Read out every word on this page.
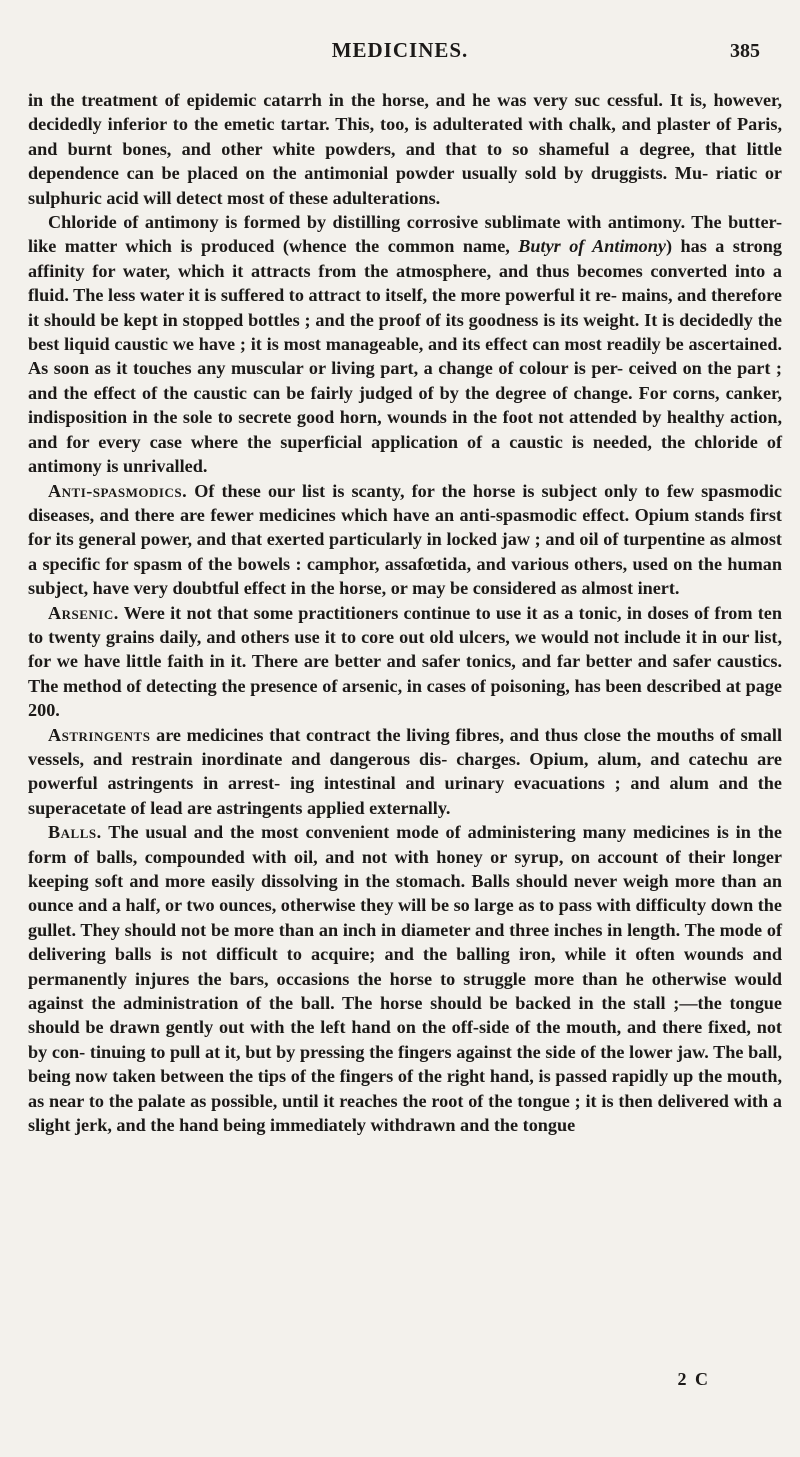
MEDICINES.	385

in the treatment of epidemic catarrh in the horse, and he was very suc cessful. It is, however, decidedly inferior to the emetic tartar. This, too, is adulterated with chalk, and plaster of Paris, and burnt bones, and other white powders, and that to so shameful a degree, that little dependence can be placed on the antimonial powder usually sold by druggists. Mu- riatic or sulphuric acid will detect most of these adulterations.

Chloride of antimony is formed by distilling corrosive sublimate with antimony. The butter-like matter which is produced (whence the common name, Butyr of Antimony) has a strong affinity for water, which it attracts from the atmosphere, and thus becomes converted into a fluid. The less water it is suffered to attract to itself, the more powerful it re- mains, and therefore it should be kept in stopped bottles ; and the proof of its goodness is its weight. It is decidedly the best liquid caustic we have ; it is most manageable, and its effect can most readily be ascertained. As soon as it touches any muscular or living part, a change of colour is per- ceived on the part ; and the effect of the caustic can be fairly judged of by the degree of change. For corns, canker, indisposition in the sole to secrete good horn, wounds in the foot not attended by healthy action, and for every case where the superficial application of a caustic is needed, the chloride of antimony is unrivalled.

Anti-spasmodics. Of these our list is scanty, for the horse is subject only to few spasmodic diseases, and there are fewer medicines which have an anti-spasmodic effect. Opium stands first for its general power, and that exerted particularly in locked jaw ; and oil of turpentine as almost a specific for spasm of the bowels : camphor, assafœtida, and various others, used on the human subject, have very doubtful effect in the horse, or may be considered as almost inert.

Arsenic. Were it not that some practitioners continue to use it as a tonic, in doses of from ten to twenty grains daily, and others use it to core out old ulcers, we would not include it in our list, for we have little faith in it. There are better and safer tonics, and far better and safer caustics. The method of detecting the presence of arsenic, in cases of poisoning, has been described at page 200.

Astringents are medicines that contract the living fibres, and thus close the mouths of small vessels, and restrain inordinate and dangerous dis- charges. Opium, alum, and catechu are powerful astringents in arrest- ing intestinal and urinary evacuations ; and alum and the superacetate of lead are astringents applied externally.

Balls. The usual and the most convenient mode of administering many medicines is in the form of balls, compounded with oil, and not with honey or syrup, on account of their longer keeping soft and more easily dissolving in the stomach. Balls should never weigh more than an ounce and a half, or two ounces, otherwise they will be so large as to pass with difficulty down the gullet. They should not be more than an inch in diameter and three inches in length. The mode of delivering balls is not difficult to acquire; and the balling iron, while it often wounds and permanently injures the bars, occasions the horse to struggle more than he otherwise would against the administration of the ball. The horse should be backed in the stall ;—the tongue should be drawn gently out with the left hand on the off-side of the mouth, and there fixed, not by con- tinuing to pull at it, but by pressing the fingers against the side of the lower jaw. The ball, being now taken between the tips of the fingers of the right hand, is passed rapidly up the mouth, as near to the palate as possible, until it reaches the root of the tongue ; it is then delivered with a slight jerk, and the hand being immediately withdrawn and the tongue

2 C
